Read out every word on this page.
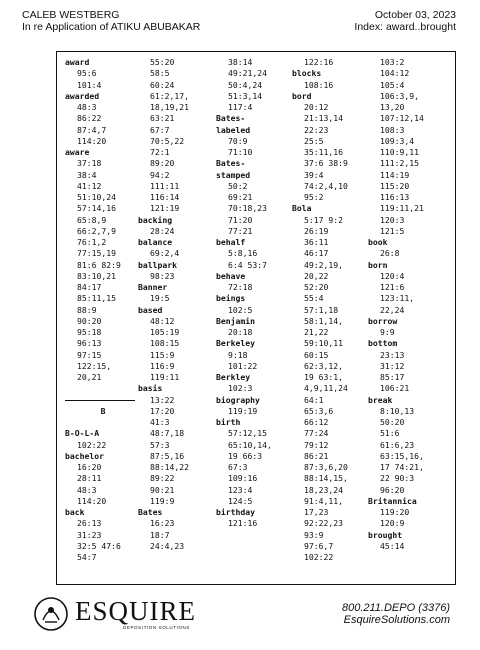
CALEB WESTBERG
In re Application of ATIKU ABUBAKAR
October 03, 2023
Index: award..brought
award
95:6
101:4
awarded
48:3
86:22
87:4,7
114:20
aware
37:18
38:4
41:12
51:10,24
57:14,16
65:8,9
66:2,7,9
76:1,2
77:15,19
81:6 82:9
83:10,21
84:17
85:11,15
88:9
90:20
95:18
96:13
97:15
122:15,
20,21
B
B-O-L-A
102:22
bachelor
16:20
28:11
48:3
114:20
back
26:13
31:23
32:5 47:6
54:7
55:20
58:5
60:24
61:2,17,
18,19,21
63:21
67:7
70:5,22
72:1
89:20
94:2
111:11
116:14
121:19
backing
28:24
balance
69:2,4
ballpark
98:23
Banner
19:5
based
48:12
105:19
108:15
115:9
116:9
119:11
basis
13:22
17:20
41:3
48:7,18
57:3
87:5,16
88:14,22
89:22
90:21
119:9
Bates
16:23
18:7
24:4,23
38:14
49:21,24
50:4,24
51:3,14
117:4
Bates-
labeled
70:9
71:10
Bates-
stamped
50:2
69:21
70:18,23
71:20
77:21
behalf
5:8,16
6:4 53:7
behave
72:18
beings
102:5
Benjamin
20:18
Berkeley
9:18
101:22
Berkley
102:3
biography
119:19
birth
57:12,15
65:10,14,
19 66:3
67:3
109:16
123:4
124:5
birthday
121:16
122:16
blocks
108:16
bord
20:12
21:13,14
22:23
25:5
35:11,16
37:6 38:9
39:4
74:2,4,10
95:2
Bola
5:17 9:2
26:19
36:11
46:17
49:2,19,
20,22
52:20
55:4
57:1,18
58:1,14,
21,22
59:10,11
60:15
62:3,12,
19 63:1,
4,9,11,24
64:1
65:3,6
66:12
77:24
79:12
86:21
87:3,6,20
88:14,15,
18,23,24
91:4,11,
17,23
92:22,23
93:9
97:6,7
102:22
103:2
104:12
105:4
106:3,9,
13,20
107:12,14
108:3
109:3,4
110:9,11
111:2,15
114:19
115:20
116:13
119:11,21
120:3
121:5
book
26:8
born
120:4
121:6
123:11,
22,24
borrow
9:9
bottom
23:13
31:12
85:17
106:21
break
8:10,13
50:20
51:6
61:6,23
63:15,16,
17 74:21,
22 90:3
96:20
Britannica
119:20
120:9
brought
45:14
ESQUIRE
DEPOSITION SOLUTIONS
800.211.DEPO (3376)
EsquireSolutions.com
